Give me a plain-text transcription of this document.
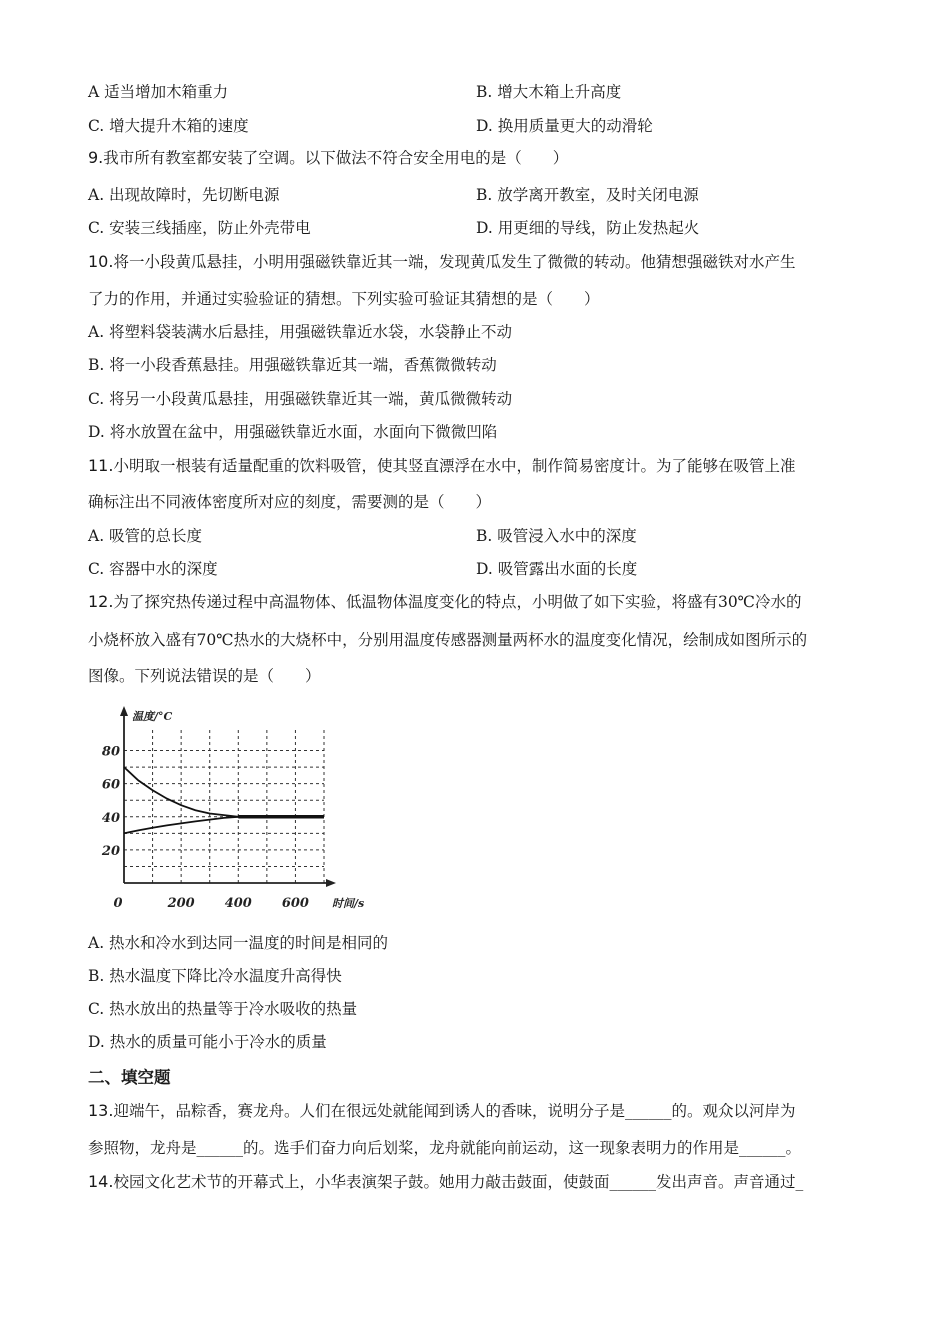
A 适当增加木箱重力	B. 增大木箱上升高度
C. 增大提升木箱的速度	D. 换用质量更大的动滑轮
9.我市所有教室都安装了空调。以下做法不符合安全用电的是（　　）
A. 出现故障时，先切断电源	B. 放学离开教室，及时关闭电源
C. 安装三线插座，防止外壳带电	D. 用更细的导线，防止发热起火
10.将一小段黄瓜悬挂，小明用强磁铁靠近其一端，发现黄瓜发生了微微的转动。他猜想强磁铁对水产生
了力的作用，并通过实验验证的猜想。下列实验可验证其猜想的是（　　）
A. 将塑料袋装满水后悬挂，用强磁铁靠近水袋，水袋静止不动
B. 将一小段香蕉悬挂。用强磁铁靠近其一端，香蕉微微转动
C. 将另一小段黄瓜悬挂，用强磁铁靠近其一端，黄瓜微微转动
D. 将水放置在盆中，用强磁铁靠近水面，水面向下微微凹陷
11.小明取一根装有适量配重的饮料吸管，使其竖直漂浮在水中，制作简易密度计。为了能够在吸管上准
确标注出不同液体密度所对应的刻度，需要测的是（　　）
A. 吸管的总长度	B. 吸管浸入水中的深度
C. 容器中水的深度	D. 吸管露出水面的长度
12.为了探究热传递过程中高温物体、低温物体温度变化的特点，小明做了如下实验，将盛有30℃冷水的
小烧杯放入盛有70℃热水的大烧杯中，分别用温度传感器测量两杯水的温度变化情况，绘制成如图所示的
图像。下列说法错误的是（　　）
20
40
60
80
200 400 600
0
温度/°C
时间/s
A. 热水和冷水到达同一温度的时间是相同的
B. 热水温度下降比冷水温度升高得快
C. 热水放出的热量等于冷水吸收的热量
D. 热水的质量可能小于冷水的质量
二、填空题
13.迎端午，品粽香，赛龙舟。人们在很远处就能闻到诱人的香味，说明分子是______的。观众以河岸为
参照物，龙舟是______的。选手们奋力向后划桨，龙舟就能向前运动，这一现象表明力的作用是______。
14.校园文化艺术节的开幕式上，小华表演架子鼓。她用力敲击鼓面，使鼓面______发出声音。声音通过_
